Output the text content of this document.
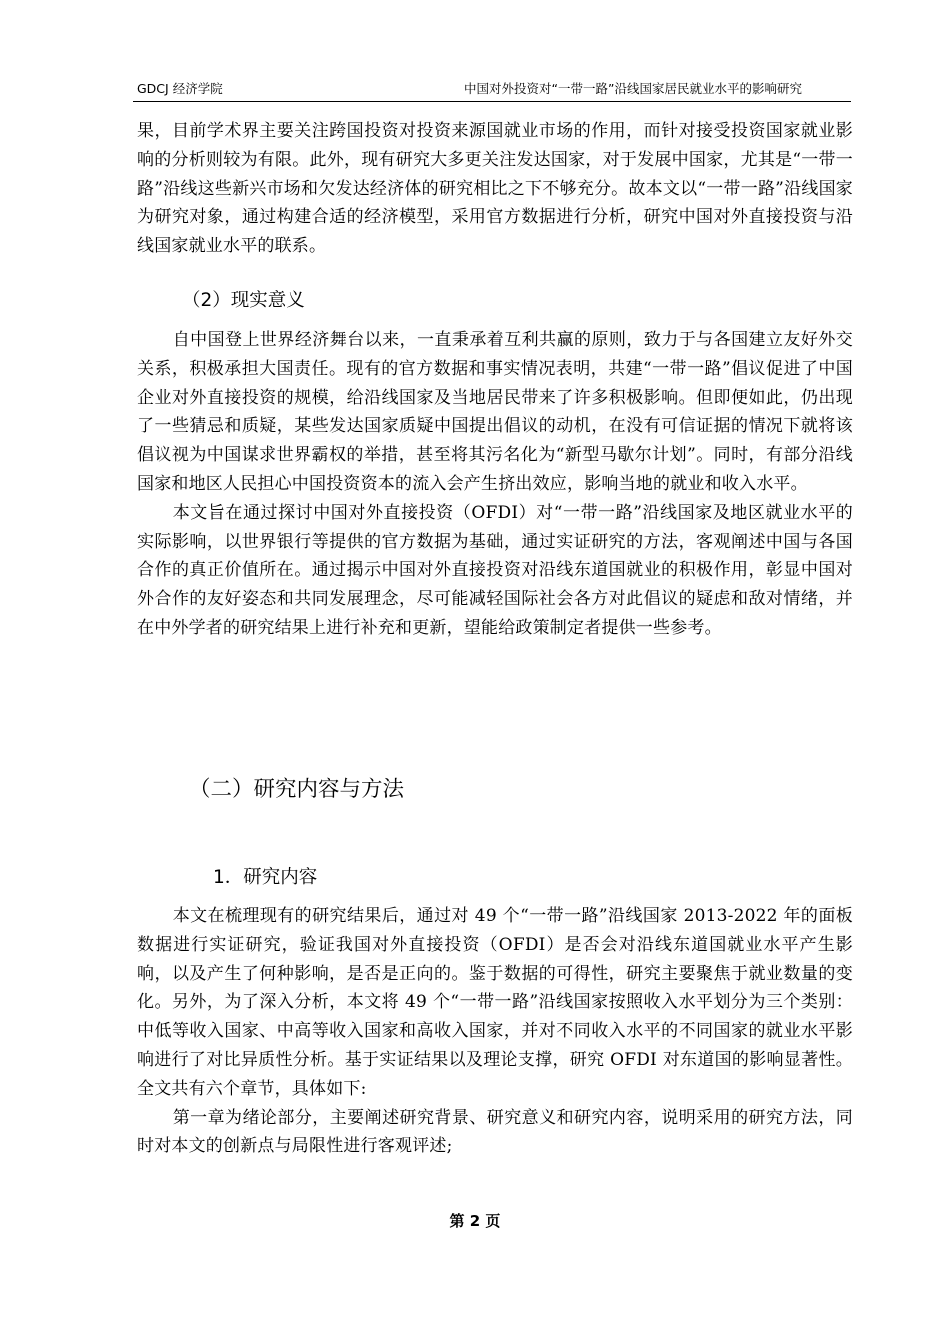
GDCJ 经济学院	中国对外投资对“一带一路”沿线国家居民就业水平的影响研究

果，目前学术界主要关注跨国投资对投资来源国就业市场的作用，而针对接受投资国家就业影响的分析则较为有限。此外，现有研究大多更关注发达国家，对于发展中国家，尤其是“一带一路”沿线这些新兴市场和欠发达经济体的研究相比之下不够充分。故本文以“一带一路”沿线国家为研究对象，通过构建合适的经济模型，采用官方数据进行分析，研究中国对外直接投资与沿线国家就业水平的联系。

（2）现实意义

自中国登上世界经济舞台以来，一直秉承着互利共赢的原则，致力于与各国建立友好外交关系，积极承担大国责任。现有的官方数据和事实情况表明，共建“一带一路”倡议促进了中国企业对外直接投资的规模，给沿线国家及当地居民带来了许多积极影响。但即便如此，仍出现了一些猜忌和质疑，某些发达国家质疑中国提出倡议的动机，在没有可信证据的情况下就将该倡议视为中国谋求世界霸权的举措，甚至将其污名化为“新型马歇尔计划”。同时，有部分沿线国家和地区人民担心中国投资资本的流入会产生挤出效应，影响当地的就业和收入水平。

本文旨在通过探讨中国对外直接投资（OFDI）对“一带一路”沿线国家及地区就业水平的实际影响，以世界银行等提供的官方数据为基础，通过实证研究的方法，客观阐述中国与各国合作的真正价值所在。通过揭示中国对外直接投资对沿线东道国就业的积极作用，彰显中国对外合作的友好姿态和共同发展理念，尽可能减轻国际社会各方对此倡议的疑虑和敌对情绪，并在中外学者的研究结果上进行补充和更新，望能给政策制定者提供一些参考。

（二）研究内容与方法
1．研究内容

本文在梳理现有的研究结果后，通过对 49 个“一带一路”沿线国家 2013-2022 年的面板数据进行实证研究，验证我国对外直接投资（OFDI）是否会对沿线东道国就业水平产生影响，以及产生了何种影响，是否是正向的。鉴于数据的可得性，研究主要聚焦于就业数量的变化。另外，为了深入分析，本文将 49 个“一带一路”沿线国家按照收入水平划分为三个类别：中低等收入国家、中高等收入国家和高收入国家，并对不同收入水平的不同国家的就业水平影响进行了对比异质性分析。基于实证结果以及理论支撑，研究 OFDI 对东道国的影响显著性。全文共有六个章节，具体如下:

第一章为绪论部分，主要阐述研究背景、研究意义和研究内容，说明采用的研究方法，同时对本文的创新点与局限性进行客观评述;

第 2 页
